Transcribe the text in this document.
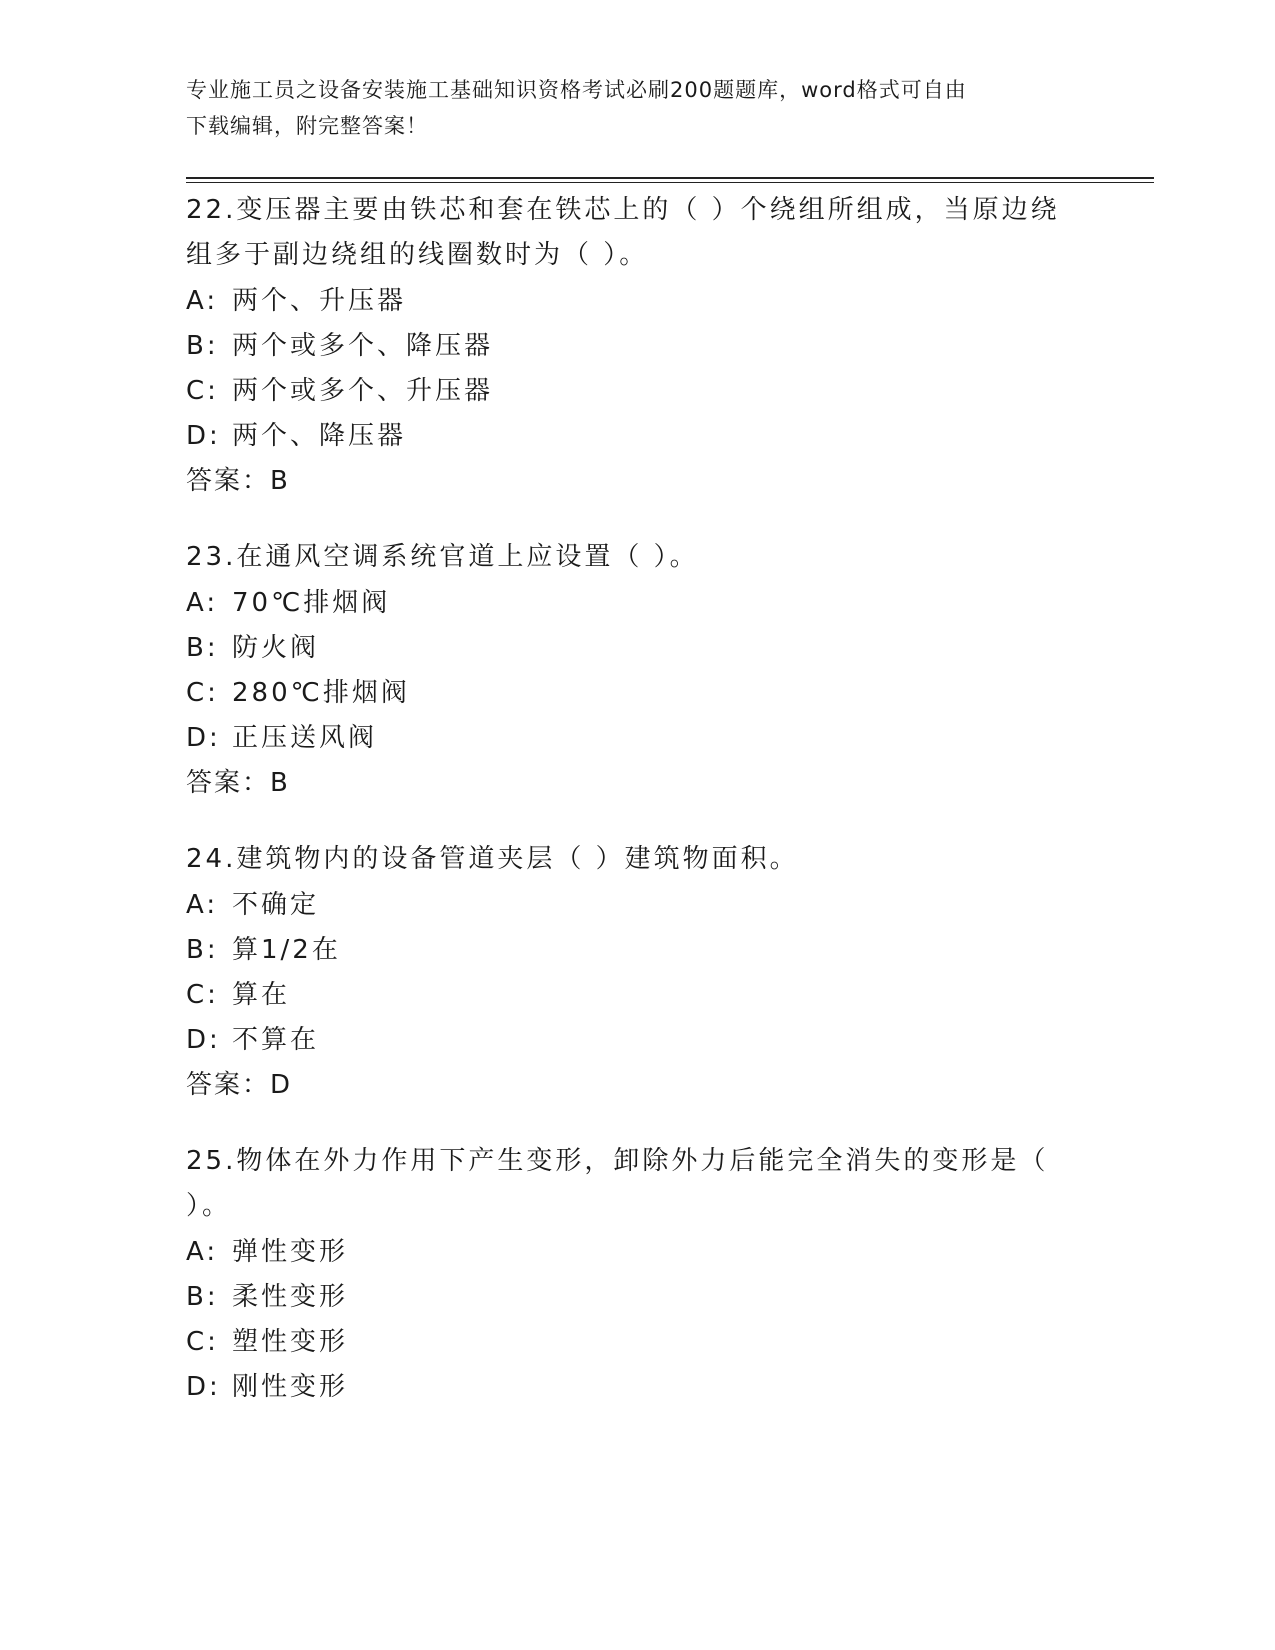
专业施工员之设备安装施工基础知识资格考试必刷200题题库，word格式可自由
下载编辑，附完整答案！
22.变压器主要由铁芯和套在铁芯上的（ ）个绕组所组成，当原边绕
组多于副边绕组的线圈数时为（ ）。
A: 两个、升压器
B: 两个或多个、降压器
C: 两个或多个、升压器
D: 两个、降压器
答案：B
23.在通风空调系统官道上应设置（ ）。
A: 70℃排烟阀
B: 防火阀
C: 280℃排烟阀
D: 正压送风阀
答案：B
24.建筑物内的设备管道夹层（ ）建筑物面积。
A: 不确定
B: 算1/2在
C: 算在
D: 不算在
答案：D
25.物体在外力作用下产生变形，卸除外力后能完全消失的变形是（
）。
A: 弹性变形
B: 柔性变形
C: 塑性变形
D: 刚性变形
